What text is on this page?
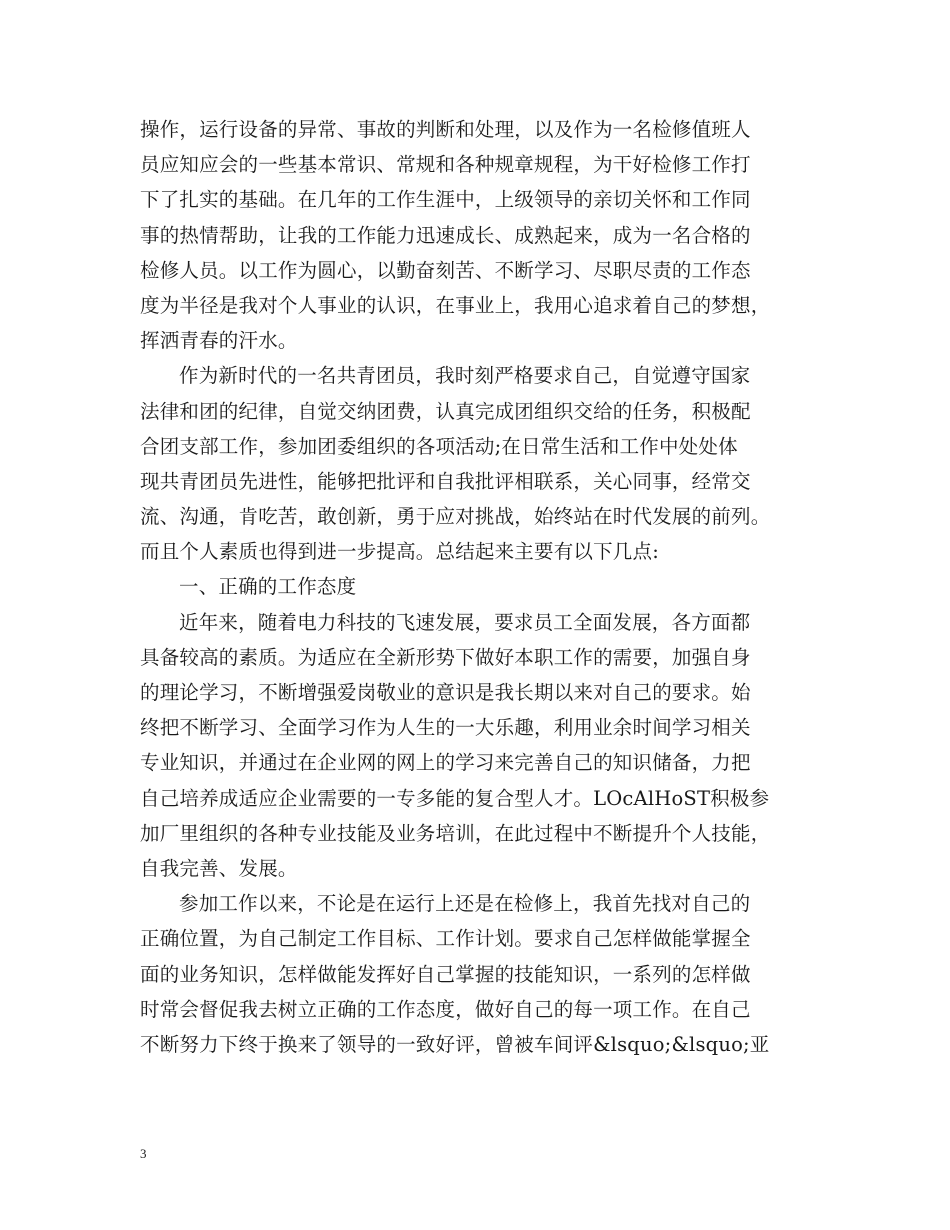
操作，运行设备的异常、事故的判断和处理，以及作为一名检修值班人
员应知应会的一些基本常识、常规和各种规章规程，为干好检修工作打
下了扎实的基础。在几年的工作生涯中，上级领导的亲切关怀和工作同
事的热情帮助，让我的工作能力迅速成长、成熟起来，成为一名合格的
检修人员。以工作为圆心，以勤奋刻苦、不断学习、尽职尽责的工作态
度为半径是我对个人事业的认识，在事业上，我用心追求着自己的梦想，
挥洒青春的汗水。
作为新时代的一名共青团员，我时刻严格要求自己，自觉遵守国家
法律和团的纪律，自觉交纳团费，认真完成团组织交给的任务，积极配
合团支部工作，参加团委组织的各项活动;在日常生活和工作中处处体
现共青团员先进性，能够把批评和自我批评相联系，关心同事，经常交
流、沟通，肯吃苦，敢创新，勇于应对挑战，始终站在时代发展的前列。
而且个人素质也得到进一步提高。总结起来主要有以下几点:
一、正确的工作态度
近年来，随着电力科技的飞速发展，要求员工全面发展，各方面都
具备较高的素质。为适应在全新形势下做好本职工作的需要，加强自身
的理论学习，不断增强爱岗敬业的意识是我长期以来对自己的要求。始
终把不断学习、全面学习作为人生的一大乐趣，利用业余时间学习相关
专业知识，并通过在企业网的网上的学习来完善自己的知识储备，力把
自己培养成适应企业需要的一专多能的复合型人才。LOcAlHoST积极参
加厂里组织的各种专业技能及业务培训，在此过程中不断提升个人技能，
自我完善、发展。
参加工作以来，不论是在运行上还是在检修上，我首先找对自己的
正确位置，为自己制定工作目标、工作计划。要求自己怎样做能掌握全
面的业务知识，怎样做能发挥好自己掌握的技能知识，一系列的怎样做
时常会督促我去树立正确的工作态度，做好自己的每一项工作。在自己
不断努力下终于换来了领导的一致好评，曾被车间评&lsquo;&lsquo;亚
3
